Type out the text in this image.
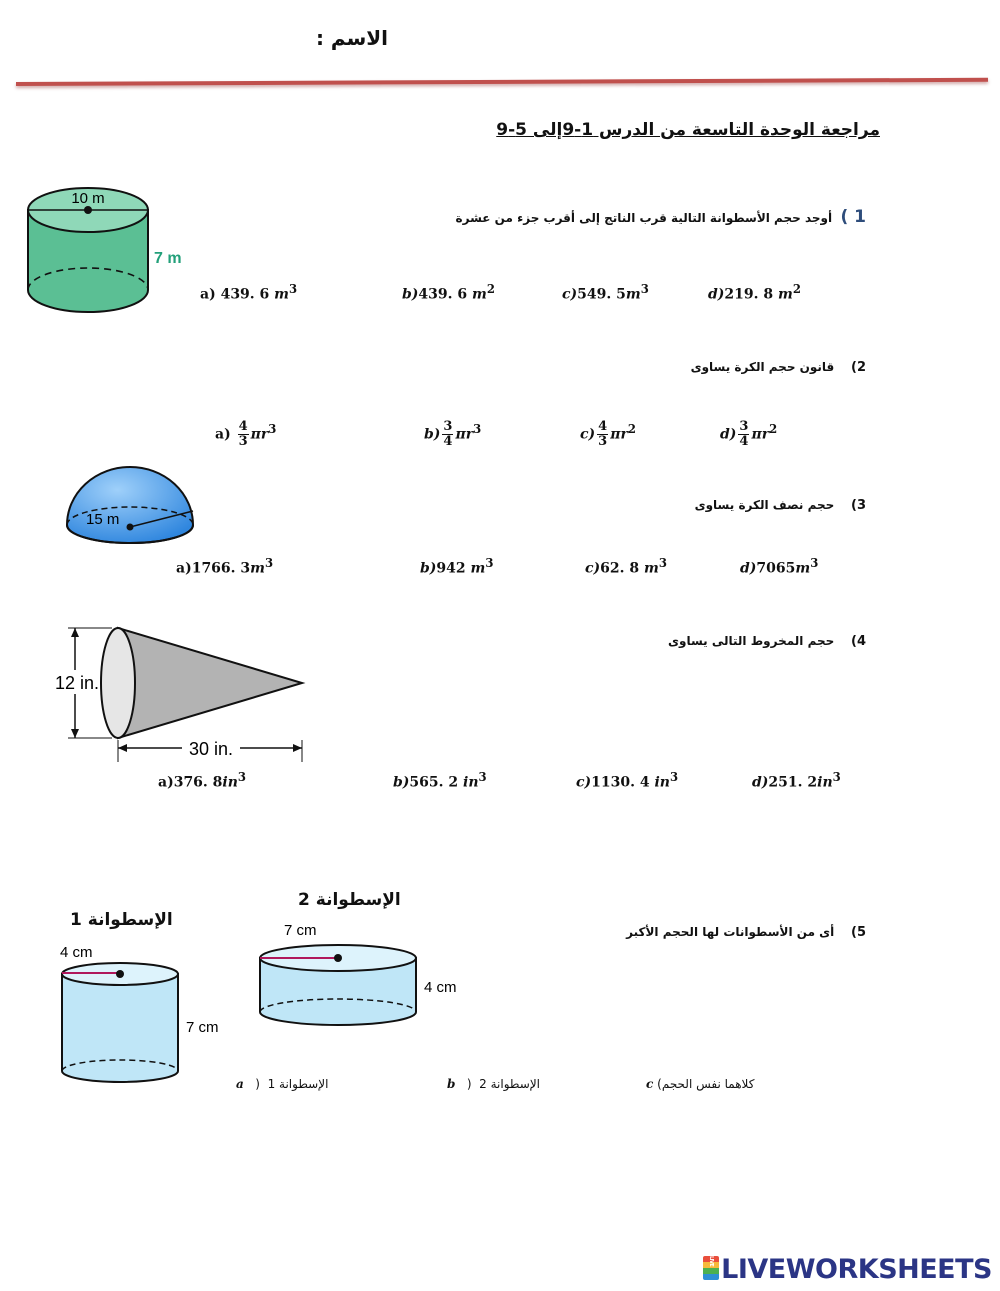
الاسم :
مراجعة الوحدة التاسعة من الدرس 1-9إلى 5-9
1 )  أوجد حجم الأسطوانة التالية قرب الناتج إلى أقرب جزء من عشرة
10 m
7 m
a) 439. 6 $m^3$	b)439. 6 $m^2$	c)549. $5m^3$	d)219. 8 $m^2$
2)    قانون حجم الكرة يساوى
$a) \frac{4}{3} \pi r^3$	$b) \frac{3}{4} \pi r^3$	$c) \frac{4}{3} \pi r^2$	$d) \frac{3}{4} \pi r^2$
3)    حجم نصف الكرة يساوى
15 m
a)1766. $3m^3$	b)942 $m^3$	c)62. 8 $m^3$	$d)7065m^3$
4)    حجم المخروط التالى يساوى
12 in.
30 in.
a)376. $8in^3$	b)565. 2 $in^3$	c)1130. 4 $in^3$	d)251. $2in^3$
5)    أى من الأسطوانات لها الحجم الأكبر
الإسطوانة 1
4 cm
7 cm
الإسطوانة 2
7 cm
4 cm
a ) الإسطوانة 1	b ) الإسطوانة 2	c (كلاهما نفس الحجم
LIVE LIVEWORKSHEETS
